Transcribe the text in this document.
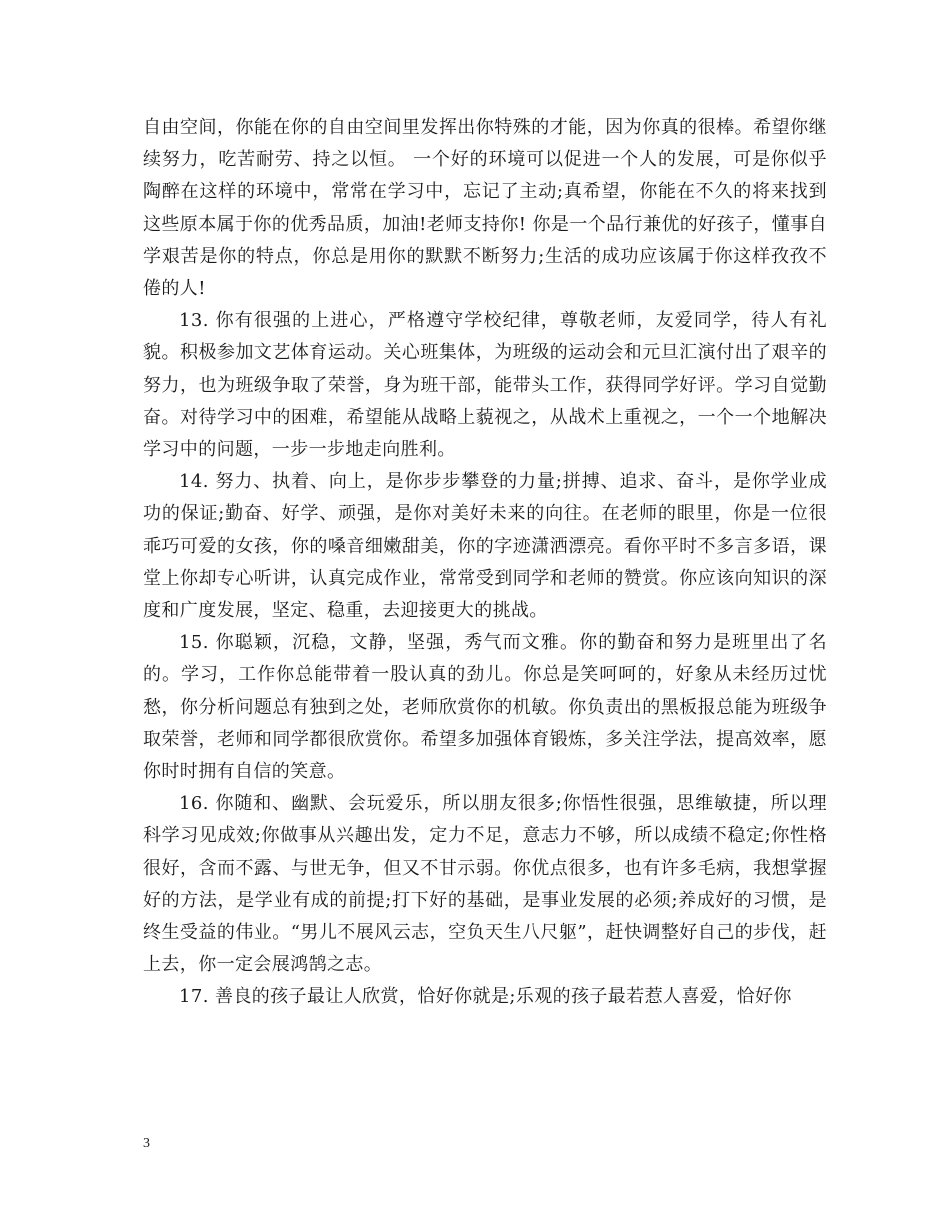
自由空间，你能在你的自由空间里发挥出你特殊的才能，因为你真的很棒。希望你继续努力，吃苦耐劳、持之以恒。 一个好的环境可以促进一个人的发展，可是你似乎陶醉在这样的环境中，常常在学习中，忘记了主动;真希望，你能在不久的将来找到这些原本属于你的优秀品质，加油!老师支持你! 你是一个品行兼优的好孩子，懂事自学艰苦是你的特点，你总是用你的默默不断努力;生活的成功应该属于你这样孜孜不倦的人!

13. 你有很强的上进心，严格遵守学校纪律，尊敬老师，友爱同学，待人有礼貌。积极参加文艺体育运动。关心班集体，为班级的运动会和元旦汇演付出了艰辛的努力，也为班级争取了荣誉，身为班干部，能带头工作，获得同学好评。学习自觉勤奋。对待学习中的困难，希望能从战略上藐视之，从战术上重视之，一个一个地解决学习中的问题，一步一步地走向胜利。

14. 努力、执着、向上，是你步步攀登的力量;拼搏、追求、奋斗，是你学业成功的保证;勤奋、好学、顽强，是你对美好未来的向往。在老师的眼里，你是一位很乖巧可爱的女孩，你的嗓音细嫩甜美，你的字迹潇洒漂亮。看你平时不多言多语，课堂上你却专心听讲，认真完成作业，常常受到同学和老师的赞赏。你应该向知识的深度和广度发展，坚定、稳重，去迎接更大的挑战。

15. 你聪颖，沉稳，文静，坚强，秀气而文雅。你的勤奋和努力是班里出了名的。学习，工作你总能带着一股认真的劲儿。你总是笑呵呵的，好象从未经历过忧愁，你分析问题总有独到之处，老师欣赏你的机敏。你负责出的黑板报总能为班级争取荣誉，老师和同学都很欣赏你。希望多加强体育锻炼，多关注学法，提高效率，愿你时时拥有自信的笑意。

16. 你随和、幽默、会玩爱乐，所以朋友很多;你悟性很强，思维敏捷，所以理科学习见成效;你做事从兴趣出发，定力不足，意志力不够，所以成绩不稳定;你性格很好，含而不露、与世无争，但又不甘示弱。你优点很多，也有许多毛病，我想掌握好的方法，是学业有成的前提;打下好的基础，是事业发展的必须;养成好的习惯，是终生受益的伟业。“男儿不展风云志，空负天生八尺躯”，赶快调整好自己的步伐，赶上去，你一定会展鸿鹄之志。

17. 善良的孩子最让人欣赏，恰好你就是;乐观的孩子最若惹人喜爱，恰好你

3
